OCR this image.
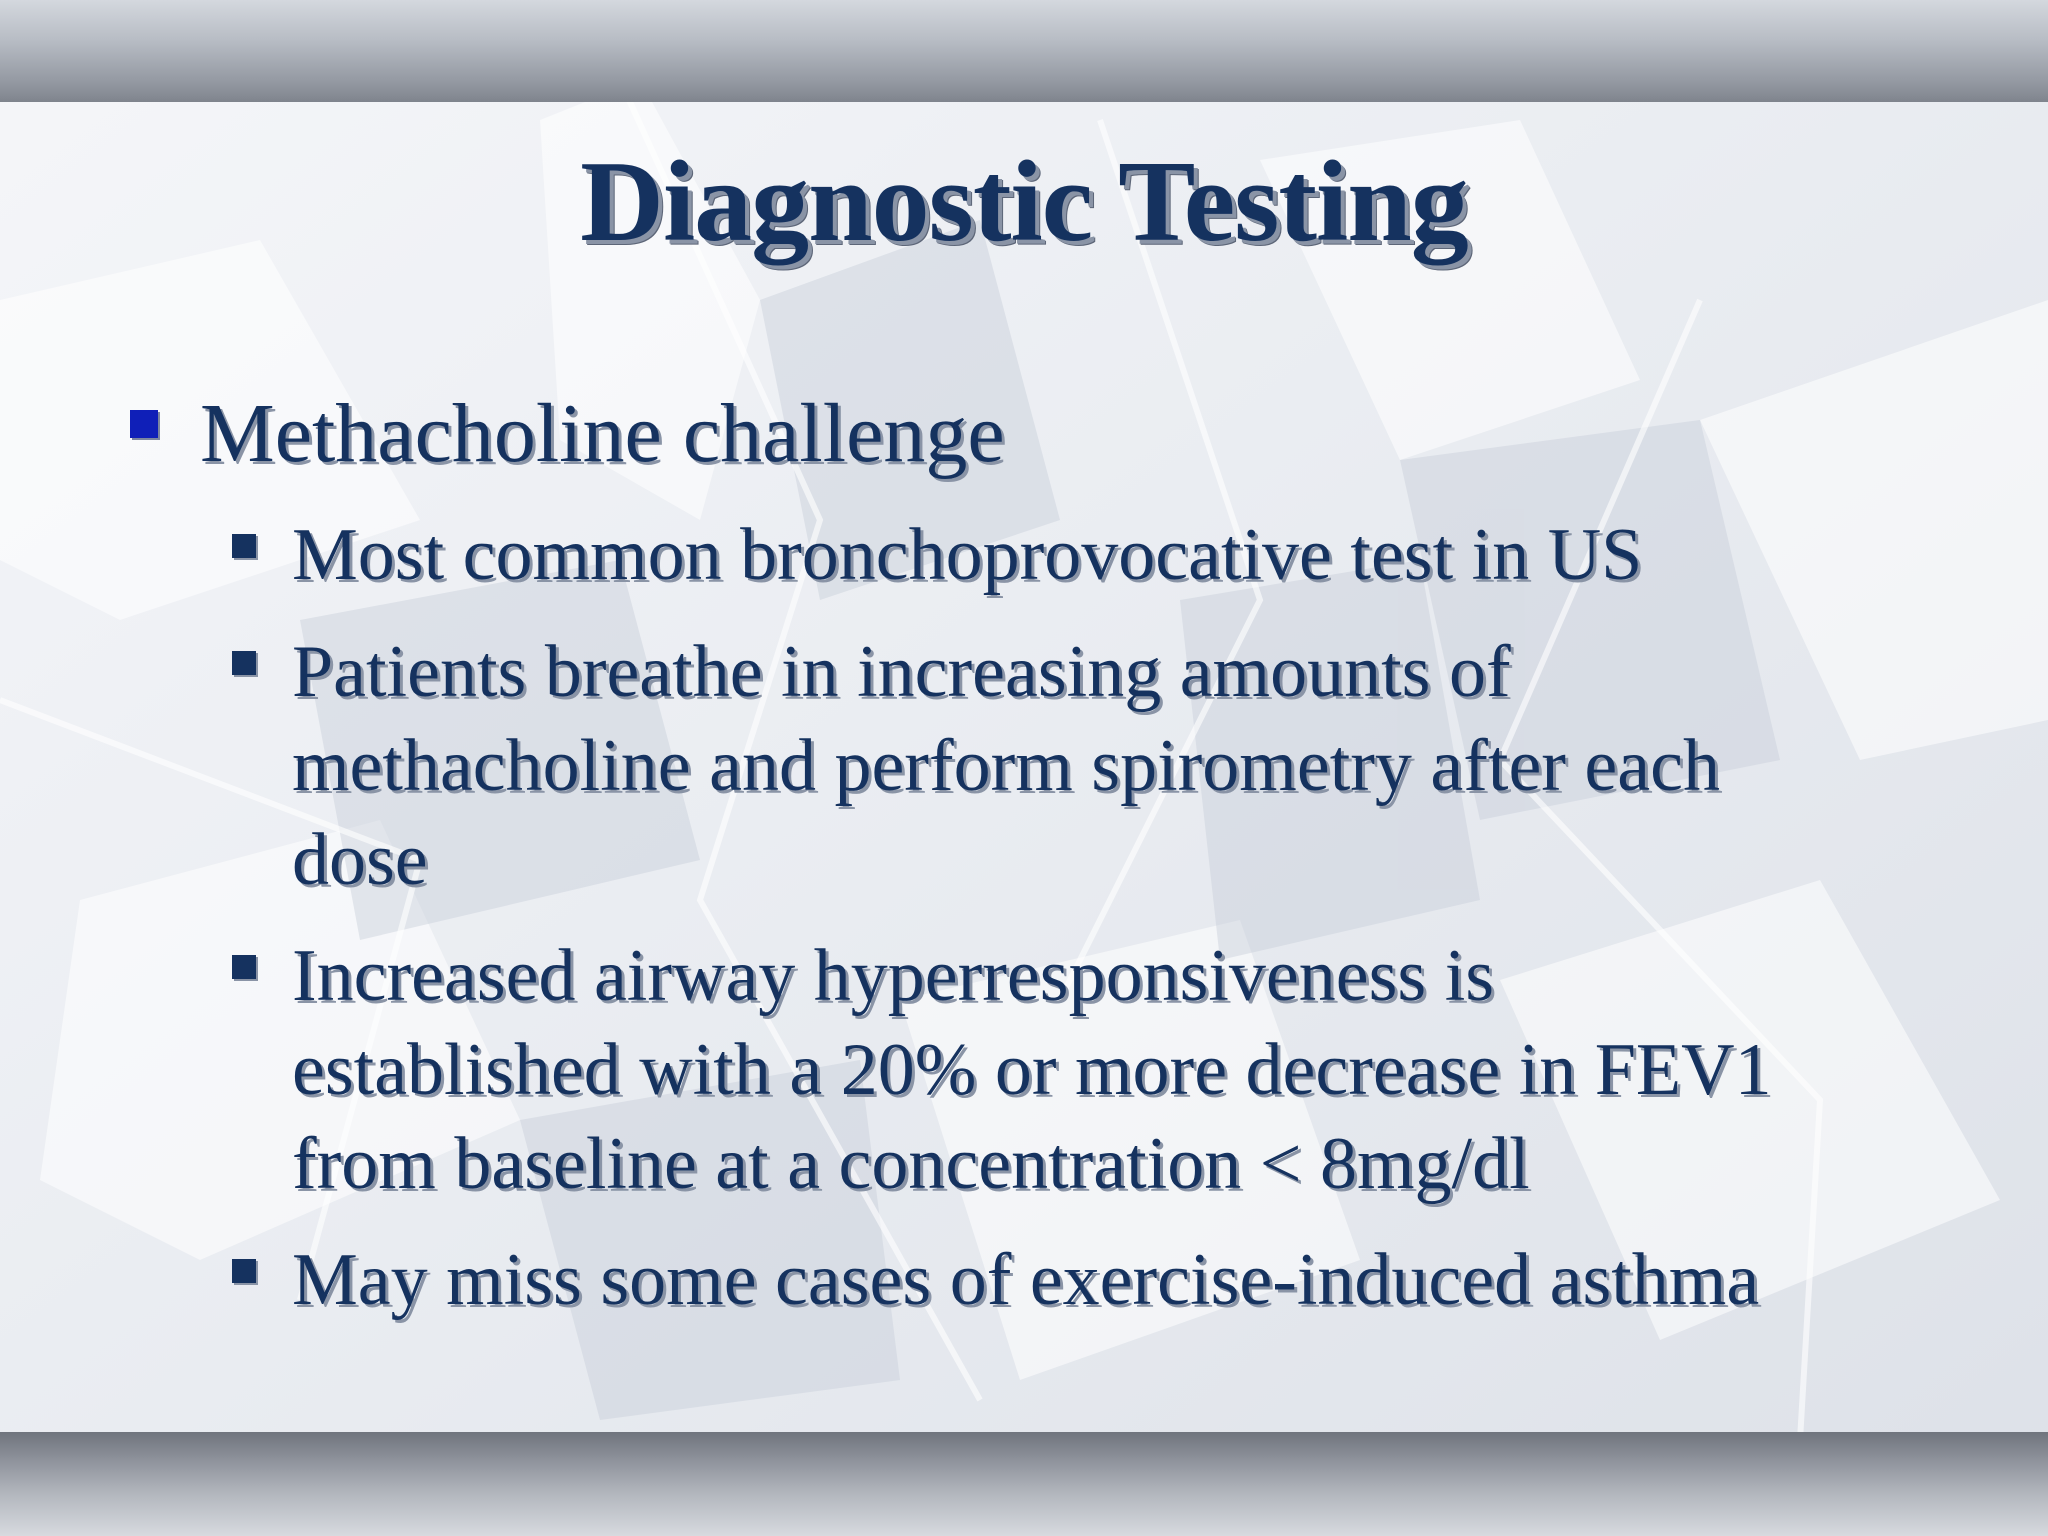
Diagnostic Testing
Methacholine challenge
Most common bronchoprovocative test in US
Patients breathe in increasing amounts of
methacholine and perform spirometry after each
dose
Increased airway hyperresponsiveness is
established with a 20% or more decrease in FEV1
from baseline at a concentration < 8mg/dl
May miss some cases of exercise-induced asthma
